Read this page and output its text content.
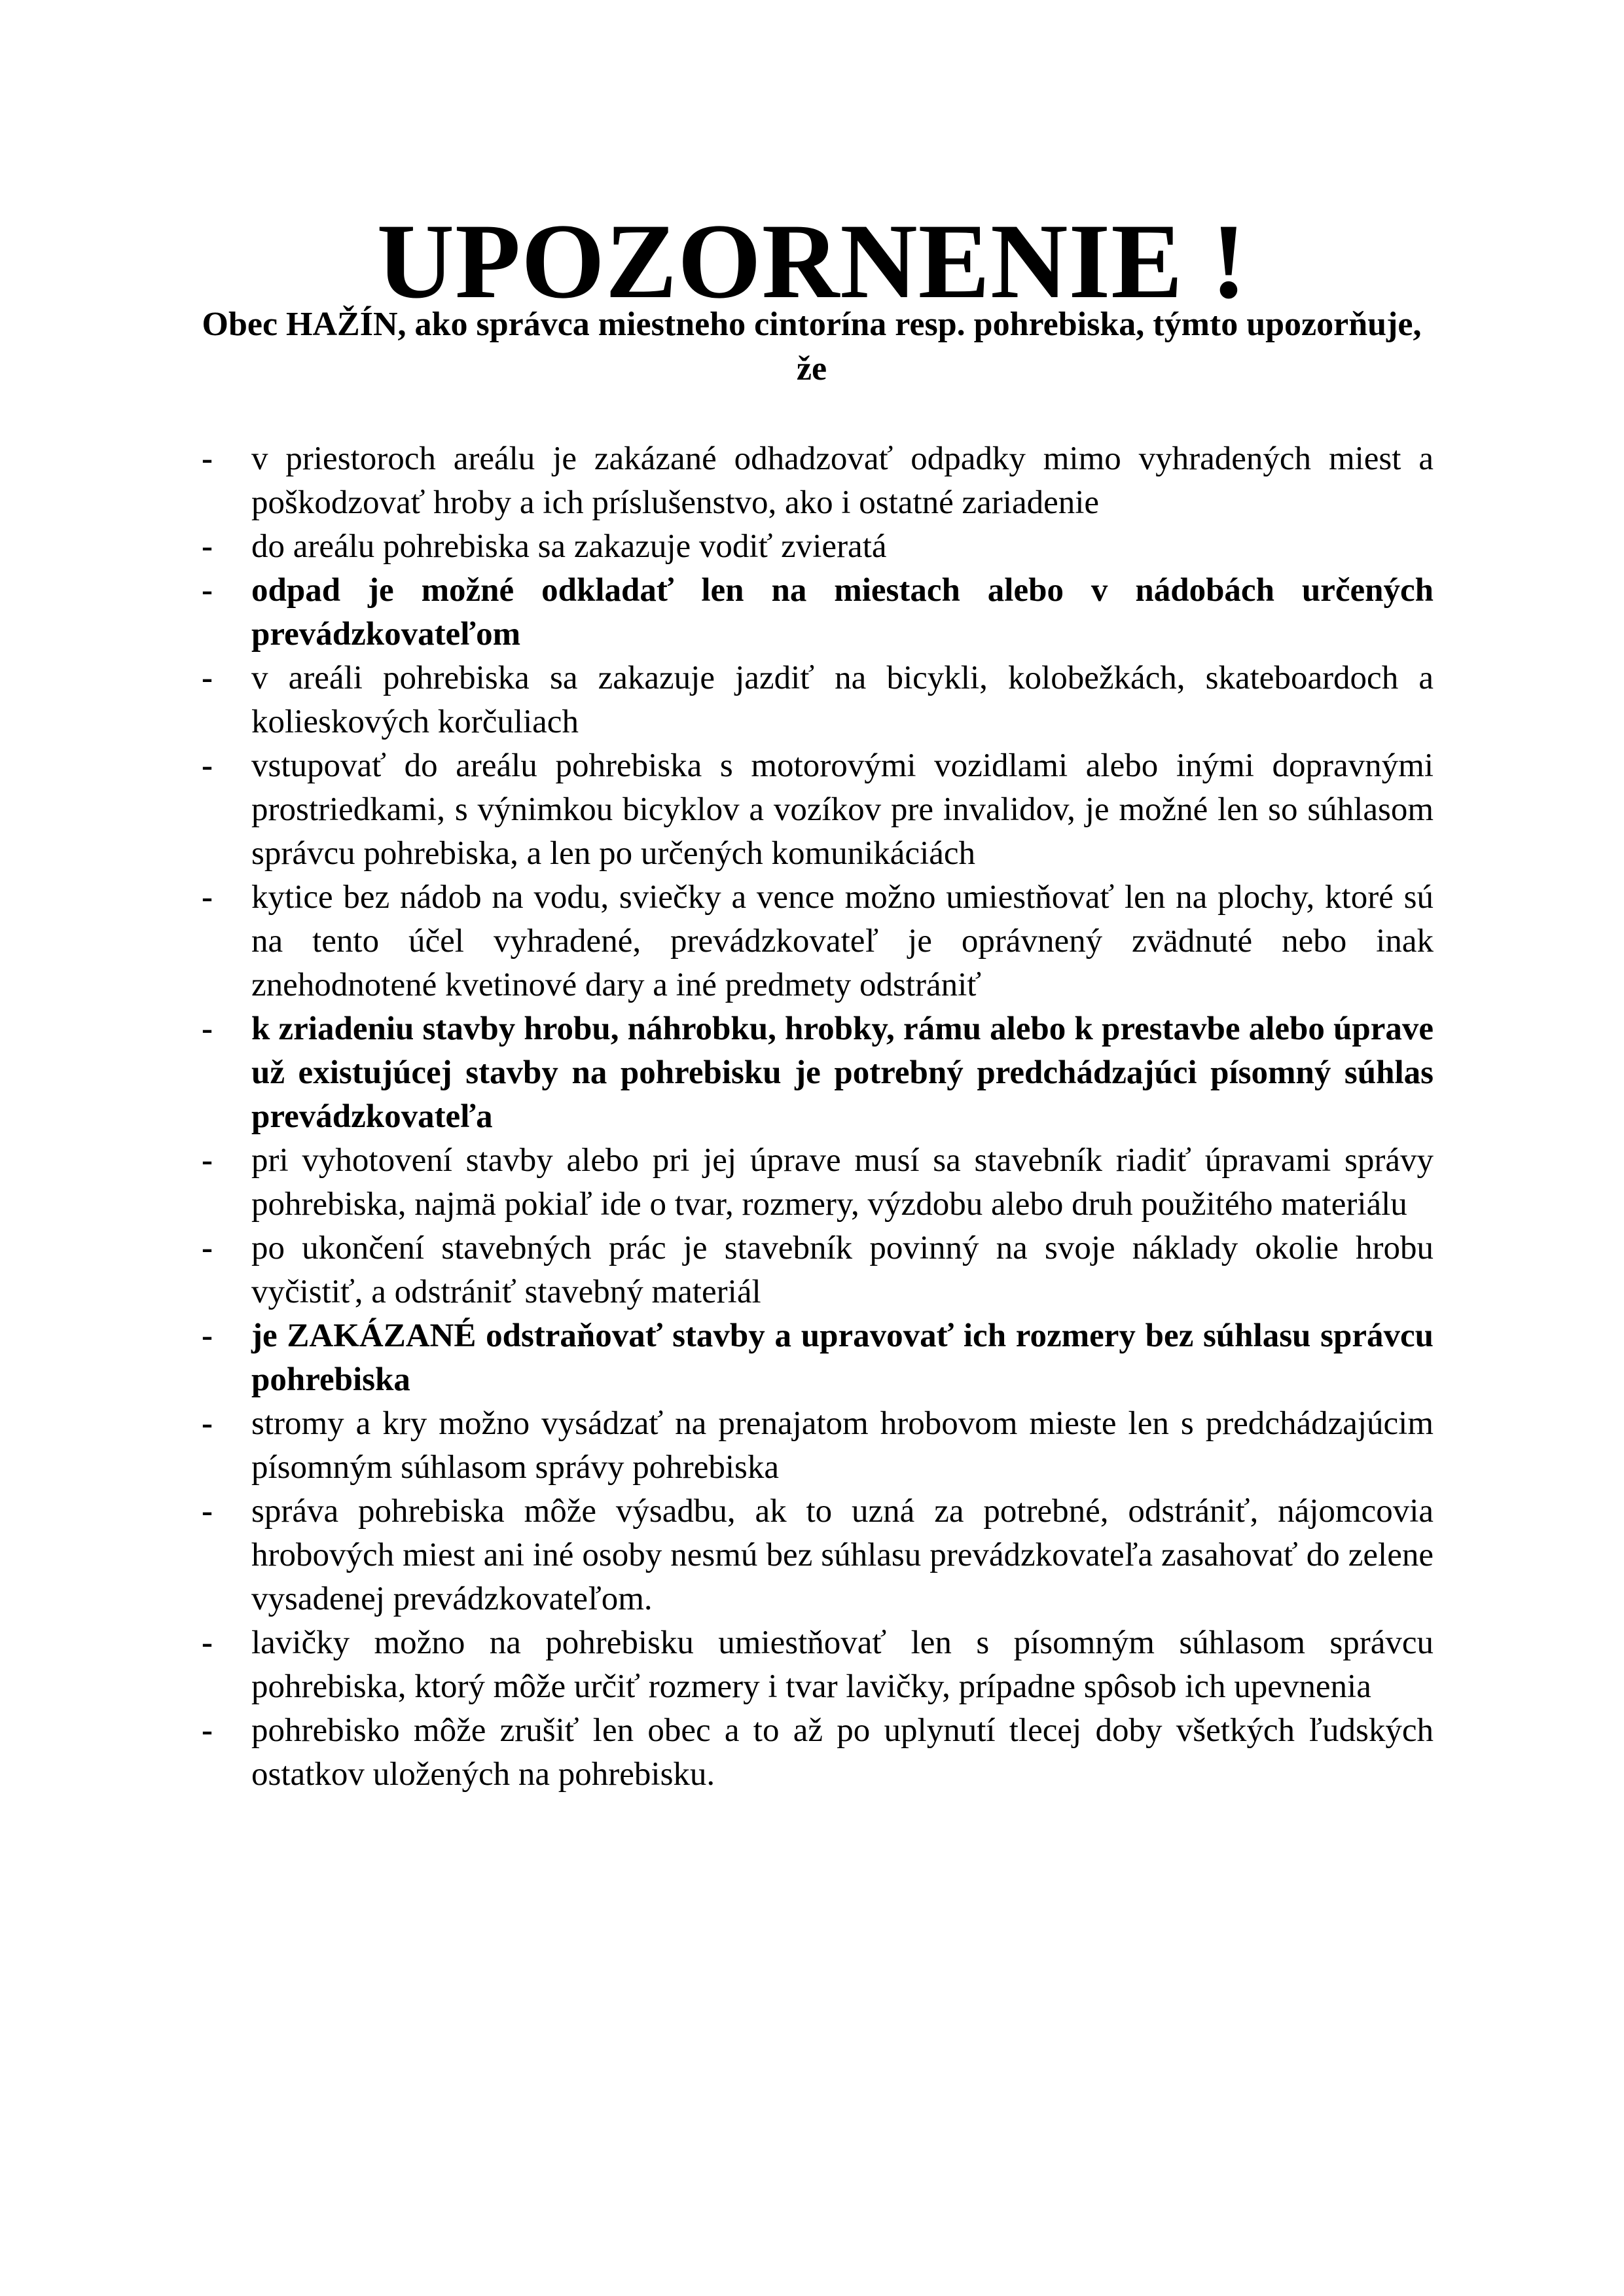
UPOZORNENIE !

Obec HAŽÍN, ako správca miestneho cintorína resp. pohrebiska, týmto upozorňuje, že

- v priestoroch areálu je zakázané odhadzovať odpadky mimo vyhradených miest a poškodzovať hroby a ich príslušenstvo, ako i ostatné zariadenie
- do areálu pohrebiska sa zakazuje vodiť zvieratá
- odpad je možné odkladať len na miestach alebo v nádobách určených prevádzkovateľom
- v areáli pohrebiska sa zakazuje jazdiť na bicykli, kolobežkách, skateboardoch a kolieskových korčuliach
- vstupovať do areálu pohrebiska s motorovými vozidlami alebo inými dopravnými prostriedkami, s výnimkou bicyklov a vozíkov pre invalidov, je možné len so súhlasom správcu pohrebiska, a len po určených komunikáciách
- kytice bez nádob na vodu, sviečky a vence možno umiestňovať len na plochy, ktoré sú na tento účel vyhradené, prevádzkovateľ je oprávnený zvädnuté nebo inak znehodnotené kvetinové dary a iné predmety odstrániť
- k zriadeniu stavby hrobu, náhrobku, hrobky, rámu alebo k prestavbe alebo úprave už existujúcej stavby na pohrebisku je potrebný predchádzajúci písomný súhlas prevádzkovateľa
- pri vyhotovení stavby alebo pri jej úprave musí sa stavebník riadiť úpravami správy pohrebiska, najmä pokiaľ ide o tvar, rozmery, výzdobu alebo druh použitého materiálu
- po ukončení stavebných prác je stavebník povinný na svoje náklady okolie hrobu vyčistiť, a odstrániť stavebný materiál
- je ZAKÁZANÉ odstraňovať stavby a upravovať ich rozmery bez súhlasu správcu pohrebiska
- stromy a kry možno vysádzať na prenajatom hrobovom mieste len s predchádzajúcim písomným súhlasom správy pohrebiska
- správa pohrebiska môže výsadbu, ak to uzná za potrebné, odstrániť, nájomcovia hrobových miest ani iné osoby nesmú bez súhlasu prevádzkovateľa zasahovať do zelene vysadenej prevádzkovateľom.
- lavičky možno na pohrebisku umiestňovať len s písomným súhlasom správcu pohrebiska, ktorý môže určiť rozmery i tvar lavičky, prípadne spôsob ich upevnenia
- pohrebisko môže zrušiť len obec a to až po uplynutí tlecej doby všetkých ľudských ostatkov uložených na pohrebisku.
